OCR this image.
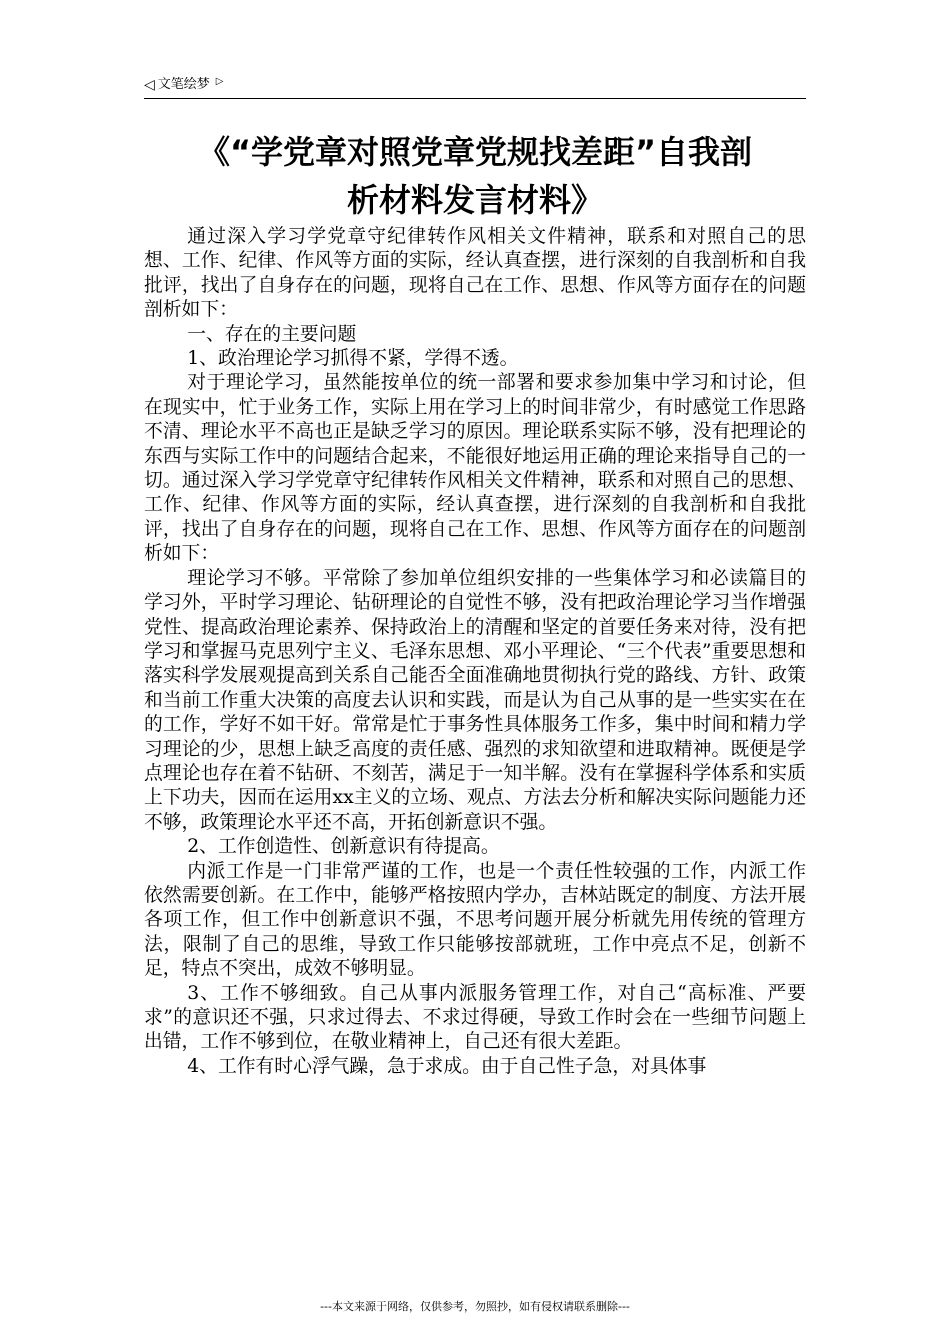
◁ 文笔绘梦 ▷
《“学党章对照党章党规找差距”自我剖
析材料发言材料》

通过深入学习学党章守纪律转作风相关文件精神，联系和对照自己的思想、工作、纪律、作风等方面的实际，经认真查摆，进行深刻的自我剖析和自我批评，找出了自身存在的问题，现将自己在工作、思想、作风等方面存在的问题剖析如下：

一、存在的主要问题

1、政治理论学习抓得不紧，学得不透。

对于理论学习，虽然能按单位的统一部署和要求参加集中学习和讨论，但在现实中，忙于业务工作，实际上用在学习上的时间非常少，有时感觉工作思路不清、理论水平不高也正是缺乏学习的原因。理论联系实际不够，没有把理论的东西与实际工作中的问题结合起来，不能很好地运用正确的理论来指导自己的一切。通过深入学习学党章守纪律转作风相关文件精神，联系和对照自己的思想、工作、纪律、作风等方面的实际，经认真查摆，进行深刻的自我剖析和自我批评，找出了自身存在的问题，现将自己在工作、思想、作风等方面存在的问题剖析如下：

理论学习不够。平常除了参加单位组织安排的一些集体学习和必读篇目的学习外，平时学习理论、钻研理论的自觉性不够，没有把政治理论学习当作增强党性、提高政治理论素养、保持政治上的清醒和坚定的首要任务来对待，没有把学习和掌握马克思列宁主义、毛泽东思想、邓小平理论、“三个代表”重要思想和落实科学发展观提高到关系自己能否全面准确地贯彻执行党的路线、方针、政策和当前工作重大决策的高度去认识和实践，而是认为自己从事的是一些实实在在的工作，学好不如干好。常常是忙于事务性具体服务工作多，集中时间和精力学习理论的少，思想上缺乏高度的责任感、强烈的求知欲望和进取精神。既便是学点理论也存在着不钻研、不刻苦，满足于一知半解。没有在掌握科学体系和实质上下功夫，因而在运用xx主义的立场、观点、方法去分析和解决实际问题能力还不够，政策理论水平还不高，开拓创新意识不强。

2、工作创造性、创新意识有待提高。

内派工作是一门非常严谨的工作，也是一个责任性较强的工作，内派工作依然需要创新。在工作中，能够严格按照内学办，吉林站既定的制度、方法开展各项工作，但工作中创新意识不强，不思考问题开展分析就先用传统的管理方法，限制了自己的思维，导致工作只能够按部就班，工作中亮点不足，创新不足，特点不突出，成效不够明显。

3、工作不够细致。自己从事内派服务管理工作，对自己“高标准、严要求”的意识还不强，只求过得去、不求过得硬，导致工作时会在一些细节问题上出错，工作不够到位，在敬业精神上，自己还有很大差距。

4、工作有时心浮气躁，急于求成。由于自己性子急，对具体事

---本文来源于网络，仅供参考，勿照抄，如有侵权请联系删除---
